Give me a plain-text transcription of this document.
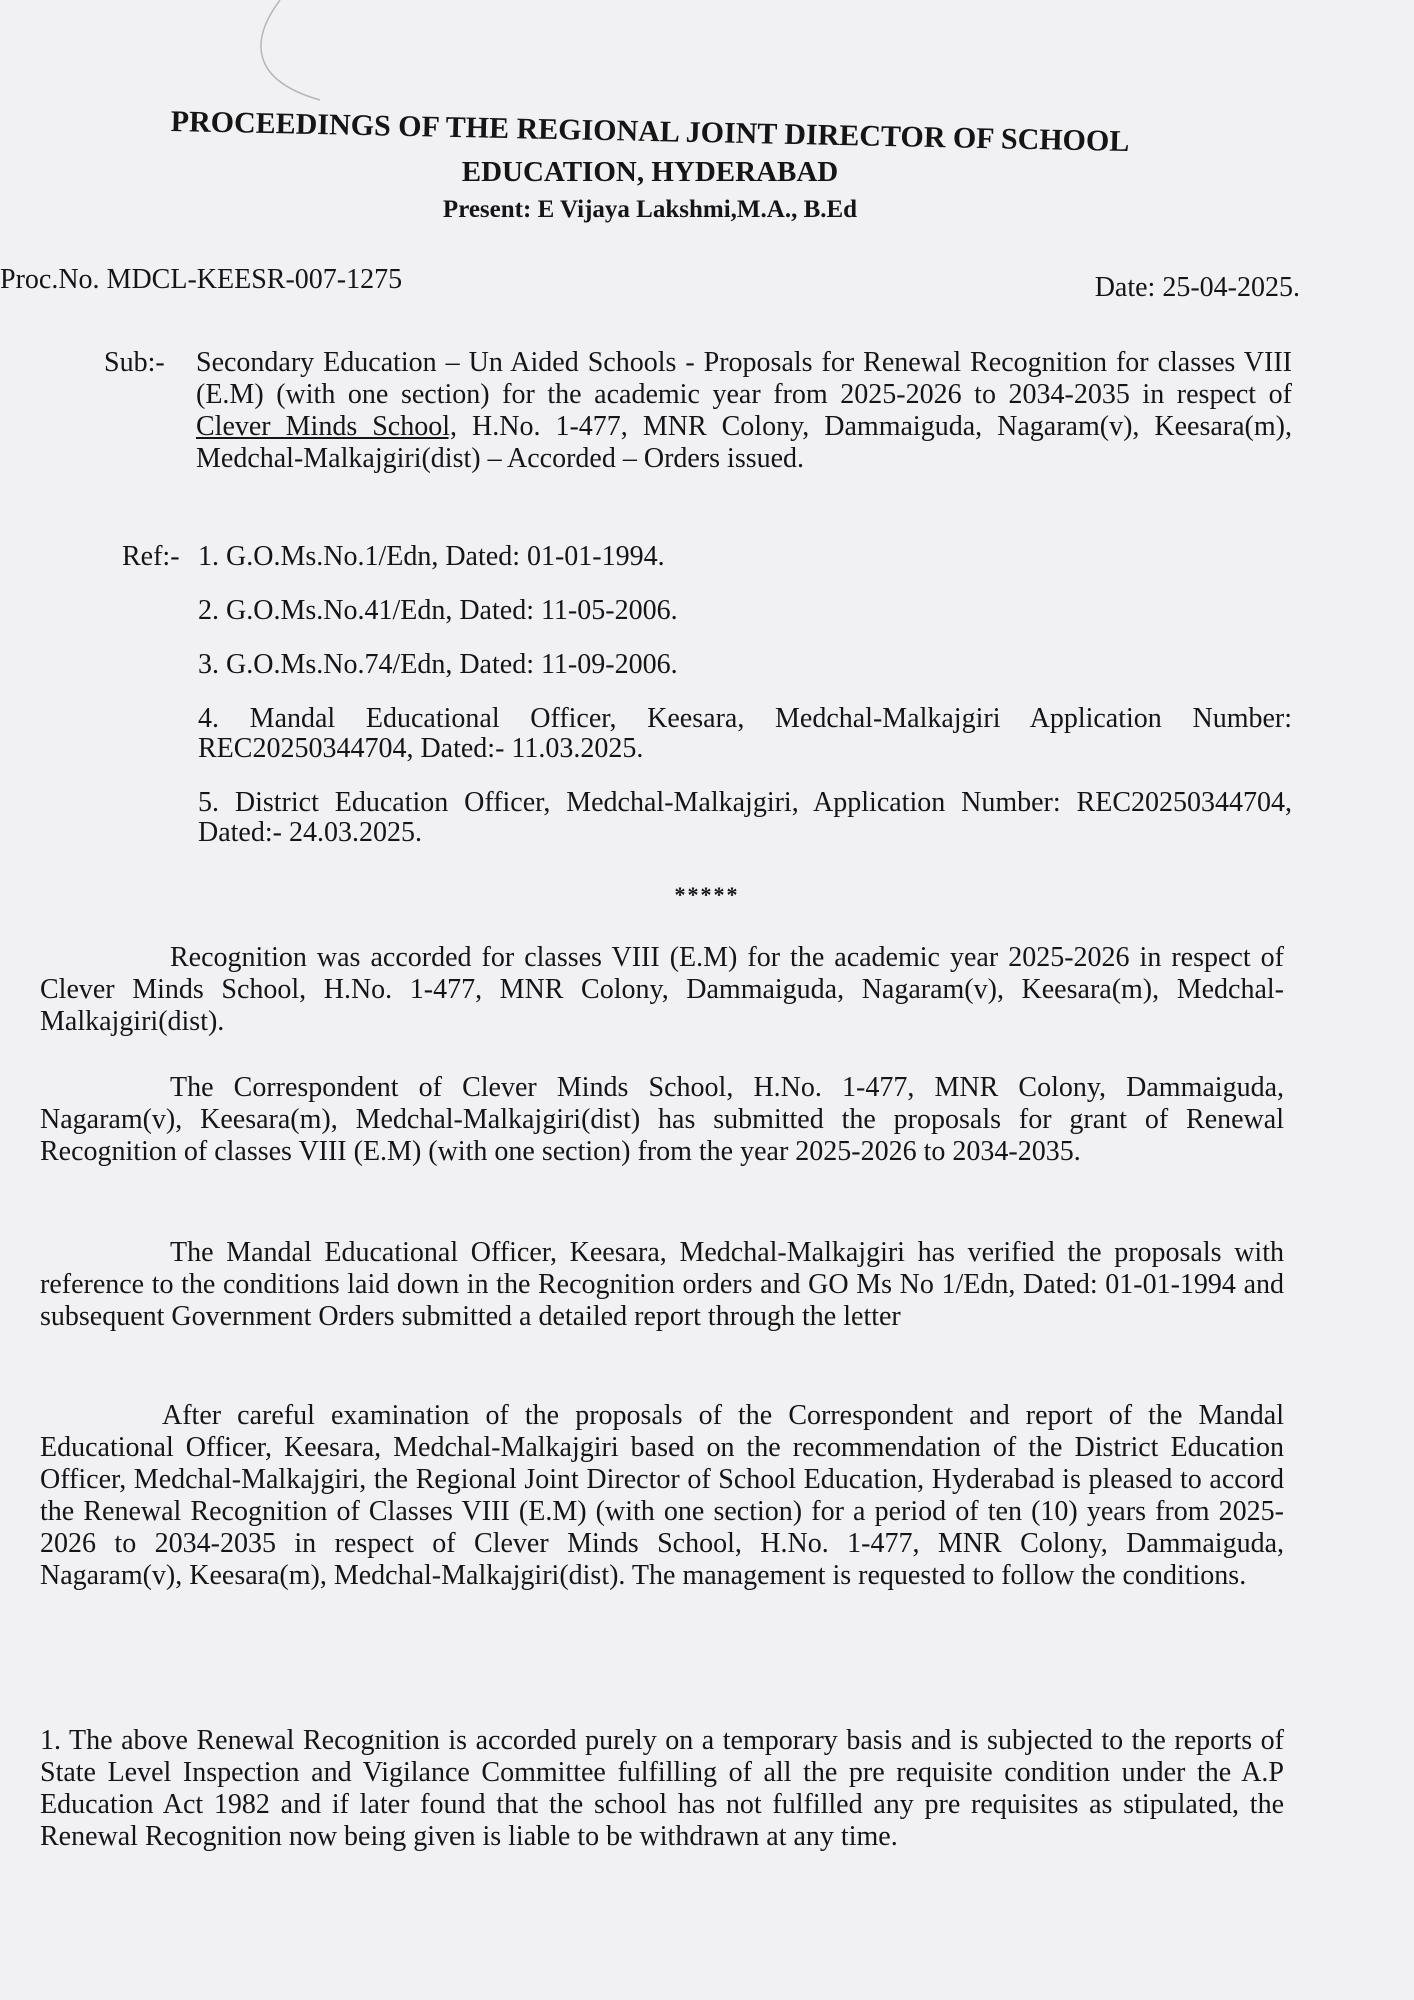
PROCEEDINGS OF THE REGIONAL JOINT DIRECTOR OF SCHOOL
EDUCATION, HYDERABAD
Present: E Vijaya Lakshmi,M.A., B.Ed
Proc.No. MDCL-KEESR-007-1275	Date: 25-04-2025.
Sub:- Secondary Education – Un Aided Schools - Proposals for Renewal Recognition for classes VIII (E.M) (with one section) for the academic year from 2025-2026 to 2034-2035 in respect of Clever Minds School, H.No. 1-477, MNR Colony, Dammaiguda, Nagaram(v), Keesara(m), Medchal-Malkajgiri(dist) – Accorded – Orders issued.
Ref:- 1. G.O.Ms.No.1/Edn, Dated: 01-01-1994.
2. G.O.Ms.No.41/Edn, Dated: 11-05-2006.
3. G.O.Ms.No.74/Edn, Dated: 11-09-2006.
4. Mandal Educational Officer, Keesara, Medchal-Malkajgiri Application Number: REC20250344704, Dated:- 11.03.2025.
5. District Education Officer, Medchal-Malkajgiri, Application Number: REC20250344704, Dated:- 24.03.2025.
*****
Recognition was accorded for classes VIII (E.M) for the academic year 2025-2026 in respect of Clever Minds School, H.No. 1-477, MNR Colony, Dammaiguda, Nagaram(v), Keesara(m), Medchal-Malkajgiri(dist).
The Correspondent of Clever Minds School, H.No. 1-477, MNR Colony, Dammaiguda, Nagaram(v), Keesara(m), Medchal-Malkajgiri(dist) has submitted the proposals for grant of Renewal Recognition of classes VIII (E.M) (with one section) from the year 2025-2026 to 2034-2035.
The Mandal Educational Officer, Keesara, Medchal-Malkajgiri has verified the proposals with reference to the conditions laid down in the Recognition orders and GO Ms No 1/Edn, Dated: 01-01-1994 and subsequent Government Orders submitted a detailed report through the letter
After careful examination of the proposals of the Correspondent and report of the Mandal Educational Officer, Keesara, Medchal-Malkajgiri based on the recommendation of the District Education Officer, Medchal-Malkajgiri, the Regional Joint Director of School Education, Hyderabad is pleased to accord the Renewal Recognition of Classes VIII (E.M) (with one section) for a period of ten (10) years from 2025-2026 to 2034-2035 in respect of Clever Minds School, H.No. 1-477, MNR Colony, Dammaiguda, Nagaram(v), Keesara(m), Medchal-Malkajgiri(dist). The management is requested to follow the conditions.
1. The above Renewal Recognition is accorded purely on a temporary basis and is subjected to the reports of State Level Inspection and Vigilance Committee fulfilling of all the pre requisite condition under the A.P Education Act 1982 and if later found that the school has not fulfilled any pre requisites as stipulated, the Renewal Recognition now being given is liable to be withdrawn at any time.
